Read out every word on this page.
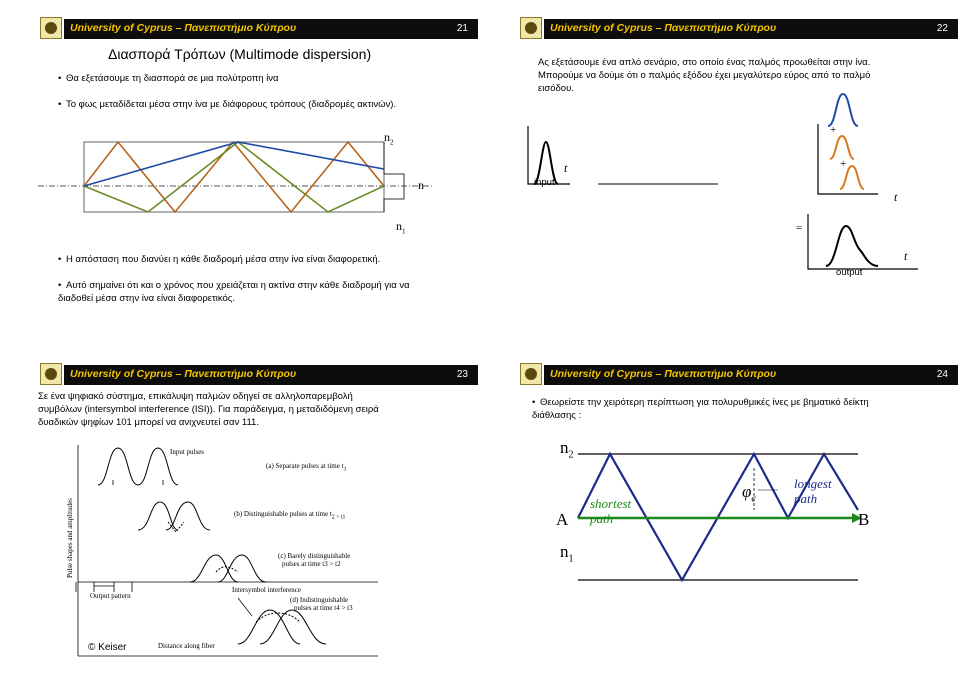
University of Cyprus – Πανεπιστήμιο Κύπρου	21
Διασπορά Τρόπων (Multimode dispersion)
• Θα εξετάσουμε τη διασπορά σε μια πολύτροπη ίνα
• Το φως μεταδίδεται μέσα στην ίνα με διάφορους τρόπους (διαδρομές ακτινών).
$n_2$
n
$n_1$
• Η απόσταση που διανύει η κάθε διαδρομή μέσα στην ίνα είναι διαφορετική.
• Αυτό σημαίνει ότι και ο χρόνος που χρειάζεται η ακτίνα στην κάθε διαδρομή για να
διαδοθεί μέσα στην ίνα είναι διαφορετικός.
University of Cyprus – Πανεπιστήμιο Κύπρου	22
Ας εξετάσουμε ένα απλό σενάριο, στο οποίο ένας παλμός προωθείται στην ίνα.
Μπορούμε να δούμε ότι ο παλμός εξόδου έχει μεγαλύτερο εύρος από το παλμό
εισόδου.
input
t
+
+
t
=
output
t
University of Cyprus – Πανεπιστήμιο Κύπρου	23
Σε ένα ψηφιακό σύστημα, επικάλυψη παλμών οδηγεί σε αλληλοπαρεμβολή
συμβόλων (intersymbol interference (ISI)). Για παράδειγμα, η μεταδιδόμενη σειρά
δυαδικών ψηφίων 101 μπορεί να ανιχνευτεί σαν 111.
Input pulses
(a) Separate pulses at time $t_1$
(b) Distinguishable pulses at time $t_{2 > t1}$
(c) Barely distinguishable
pulses at time t3 > t2
Intersymbol interference
(d) Indistinguishable
pulses at time t4 > t3
Output pattern
Pulse shapes and amplitudes
Distance along fiber
© Keiser
University of Cyprus – Πανεπιστήμιο Κύπρου	24
• Θεωρείστε την χειρότερη περίπτωση για πολυρυθμικές ίνες με βηματικό δείκτη
διάθλασης :
$n_2$
$n_1$
A	B
shortest
path
longest
path
$\varphi_c$
